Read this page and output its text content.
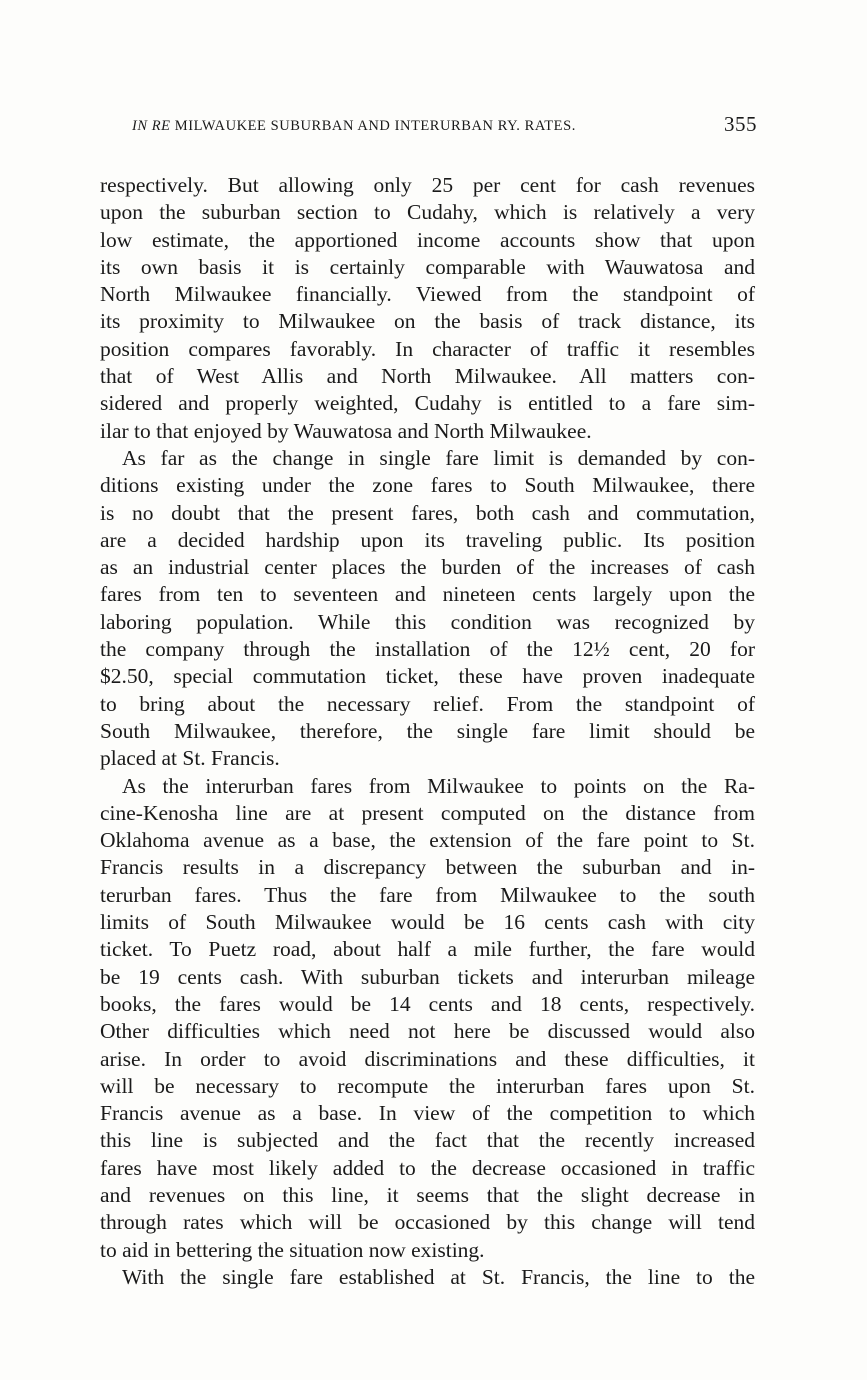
IN RE MILWAUKEE SUBURBAN AND INTERURBAN RY. RATES.	355
respectively. But allowing only 25 per cent for cash revenues
upon the suburban section to Cudahy, which is relatively a very
low estimate, the apportioned income accounts show that upon
its own basis it is certainly comparable with Wauwatosa and
North Milwaukee financially. Viewed from the standpoint of
its proximity to Milwaukee on the basis of track distance, its
position compares favorably. In character of traffic it resembles
that of West Allis and North Milwaukee. All matters con-
sidered and properly weighted, Cudahy is entitled to a fare sim-
ilar to that enjoyed by Wauwatosa and North Milwaukee.
As far as the change in single fare limit is demanded by con-
ditions existing under the zone fares to South Milwaukee, there
is no doubt that the present fares, both cash and commutation,
are a decided hardship upon its traveling public. Its position
as an industrial center places the burden of the increases of cash
fares from ten to seventeen and nineteen cents largely upon the
laboring population. While this condition was recognized by
the company through the installation of the 12½ cent, 20 for
$2.50, special commutation ticket, these have proven inadequate
to bring about the necessary relief. From the standpoint of
South Milwaukee, therefore, the single fare limit should be
placed at St. Francis.
As the interurban fares from Milwaukee to points on the Ra-
cine-Kenosha line are at present computed on the distance from
Oklahoma avenue as a base, the extension of the fare point to St.
Francis results in a discrepancy between the suburban and in-
terurban fares. Thus the fare from Milwaukee to the south
limits of South Milwaukee would be 16 cents cash with city
ticket. To Puetz road, about half a mile further, the fare would
be 19 cents cash. With suburban tickets and interurban mileage
books, the fares would be 14 cents and 18 cents, respectively.
Other difficulties which need not here be discussed would also
arise. In order to avoid discriminations and these difficulties, it
will be necessary to recompute the interurban fares upon St.
Francis avenue as a base. In view of the competition to which
this line is subjected and the fact that the recently increased
fares have most likely added to the decrease occasioned in traffic
and revenues on this line, it seems that the slight decrease in
through rates which will be occasioned by this change will tend
to aid in bettering the situation now existing.
With the single fare established at St. Francis, the line to the
